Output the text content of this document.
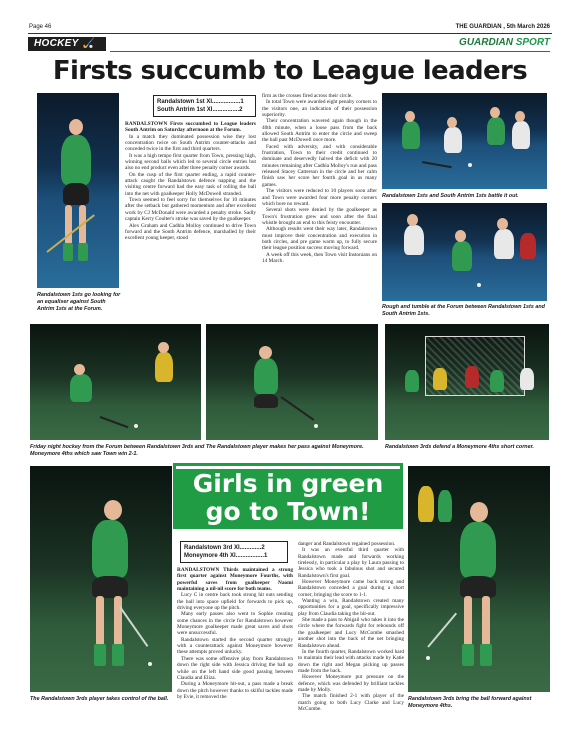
Page 46	THE GUARDIAN , 5th March 2026
HOCKEY 🏑	GUARDIAN SPORT
Firsts succumb to League leaders
Randalstown 1sts go looking for an equaliser against South Antrim 1sts at the Forum.
Randalstown 1st XI.................1
South Antrim 1st XI................2

RANDALSTOWN Firsts succumbed to League leaders South Antrim on Saturday afternoon at the Forum.

In a match they dominated possession wise they lost concentration twice on South Antrim counter-attacks and conceded twice in the first and third quarters.

It was a high tempo first quarter from Town, pressing high, winning second balls which led to several circle entries but also no end product even after three penalty corner awards.

On the cusp of the first quarter ending, a rapid counter-attack caught the Randalstown defence napping and the visiting centre forward had the easy task of rolling the ball into the net with goalkeeper Holly McDowell stranded.

Town seemed to feel sorry for themselves for 10 minutes after the setback but gathered momentum and after excellent work by CJ McDonald were awarded a penalty stroke. Sadly captain Kerry Coulter's stroke was saved by the goalkeeper.

Alex Graham and Cadhla Molloy continued to drive Town forward and the South Antrim defence, marshalled by their excellent young keeper, stood

firm as the crosses fired across their circle.

In total Town were awarded eight penalty corners to the visitors one, an indication of their possession superiority.

Their concentration wavered again though in the 40th minute, when a loose pass from the back allowed South Antrim to enter the circle and sweep the ball past McDowell once more.

Faced with adversity, and with considerable frustration, Town to their credit continued to dominate and deservedly halved the deficit with 20 minutes remaining after Cadhla Molloy's run and pass released Stacey Catterson in the circle and her calm finish saw her score her fourth goal in as many games.

The visitors were reduced to 10 players soon after and Town were awarded four more penalty corners which bore no reward.

Several shots were denied by the goalkeeper as Town's frustration grew and soon after the final whistle brought an end to this feisty encounter.

Although results went their way later, Randalstown must improve their concentration and execution in both circles, and pre game warm up, to fully secure their league position success moving forward.

A week off this week, then Town visit Instonians on 14 March.

Randalstown 1sts and South Antrim 1sts battle it out.
Rough and tumble at the Forum between Randalstown 1sts and South Antrim 1sts.
Friday night hockey from the Forum between Randalstown 3rds and Moneymore 4ths which saw Town win 2-1.
The Randalstown player makes her pass against Moneymore.	Randalstown 3rds defend a Moneymore 4ths short corner.
Girls in green
go to Town!
The Randalstown 3rds player takes control of the ball.
Randalstown 3rd XI.............2
Moneymore 4th XI.................1

RANDALSTOWN Thirds maintained a strong first quarter against Moneymore Fourths, with powerful saves from goalkeeper Naomi maintaining a nil-nil score for both teams.

Lucy C in centre back took strong hit outs sending the ball into space upfield for forwards to pick up, driving everyone up the pitch.

Many early passes also went to Sophie creating some chances in the circle for Randalstown however Moneymore goalkeeper made great saves and shots were unsuccessful.

Randalstown started the second quarter strongly with a counterattack against Moneymore however these attempts proved unlucky.

There was some offensive play from Randalstown down the right side with Jessica driving the ball up while on the left hand side good passing between Claudia and Eliza.

During a Moneymore hit-out, a pass made a break down the pitch however thanks to skilful tackles made by Evie, it removed the

danger and Randalstown regained possession.

It was an eventful third quarter with Randalstown made and forwards working tirelessly, in particular a play by Laura passing to Jessica who took a fabulous shot and secured Randalstown's first goal.

However Moneymore came back strong and Randalstown conceded a goal during a short corner, bringing the score to 1-1.

Wanting a win, Randalstown created many opportunities for a goal, specifically impressive play from Claudia taking the hit-out.

She made a pass to Abigail who takes it into the circle where the forwards fight for rebounds off the goalkeeper and Lucy McCombe smashed another shot into the back of the net bringing Randalstown ahead.

In the fourth quarter, Randalstown worked hard to maintain their lead with attacks made by Katie down the right and Megan picking up passes made from the back.

However Moneymore put pressure on the defence, which was defended by brilliant tackles made by Molly.

The match finished 2-1 with player of the match going to both Lucy Clarke and Lucy McCombe.

Randalstown 3rds bring the ball forward against Moneymore 4ths.
